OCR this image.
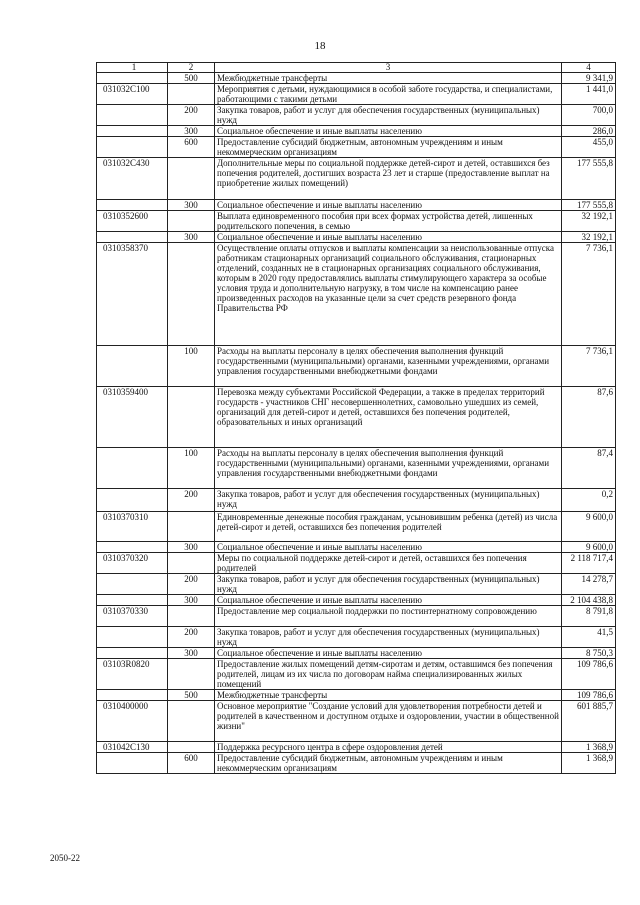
18
1	2	3	4
	500	Межбюджетные трансферты	9 341,9
031032С100		Мероприятия с детьми, нуждающимися в особой заботе государства, и специалистами, работающими с такими детьми	1 441,0
	200	Закупка товаров, работ и услуг для обеспечения государственных (муниципальных) нужд	700,0
	300	Социальное обеспечение и иные выплаты населению	286,0
	600	Предоставление субсидий бюджетным, автономным учреждениям и иным некоммерческим организациям	455,0
031032С430		Дополнительные меры по социальной поддержке детей-сирот и детей, оставшихся без попечения родителей, достигших возраста 23 лет и старше (предоставление выплат на приобретение жилых помещений)	177 555,8
	300	Социальное обеспечение и иные выплаты населению	177 555,8
0310352600		Выплата единовременного пособия при всех формах устройства детей, лишенных родительского попечения, в семью	32 192,1
	300	Социальное обеспечение и иные выплаты населению	32 192,1
0310358370		Осуществление оплаты отпусков и выплаты компенсации за неиспользованные отпуска работникам стационарных организаций социального обслуживания, стационарных отделений, созданных не в стационарных организациях социального обслуживания, которым в 2020 году предоставлялись выплаты стимулирующего характера за особые условия труда и дополнительную нагрузку, в том числе на компенсацию ранее произведенных расходов на указанные цели за счет средств резервного фонда Правительства РФ	7 736,1
	100	Расходы на выплаты персоналу в целях обеспечения выполнения функций государственными (муниципальными) органами, казенными учреждениями, органами управления государственными внебюджетными фондами	7 736,1
0310359400		Перевозка между субъектами Российской Федерации, а также в пределах территорий государств - участников СНГ несовершеннолетних, самовольно ушедших из семей, организаций для детей-сирот и детей, оставшихся без попечения родителей, образовательных и иных организаций	87,6
	100	Расходы на выплаты персоналу в целях обеспечения выполнения функций государственными (муниципальными) органами, казенными учреждениями, органами управления государственными внебюджетными фондами	87,4
	200	Закупка товаров, работ и услуг для обеспечения государственных (муниципальных) нужд	0,2
0310370310		Единовременные денежные пособия гражданам, усыновившим ребенка (детей) из числа детей-сирот и детей, оставшихся без попечения родителей	9 600,0
	300	Социальное обеспечение и иные выплаты населению	9 600,0
0310370320		Меры по социальной поддержке детей-сирот и детей, оставшихся без попечения родителей	2 118 717,4
	200	Закупка товаров, работ и услуг для обеспечения государственных (муниципальных) нужд	14 278,7
	300	Социальное обеспечение и иные выплаты населению	2 104 438,8
0310370330		Предоставление мер социальной поддержки по постинтернатному сопровождению	8 791,8
	200	Закупка товаров, работ и услуг для обеспечения государственных (муниципальных) нужд	41,5
	300	Социальное обеспечение и иные выплаты населению	8 750,3
03103R0820		Предоставление жилых помещений детям-сиротам и детям, оставшимся без попечения родителей, лицам из их числа по договорам найма специализированных жилых помещений	109 786,6
	500	Межбюджетные трансферты	109 786,6
0310400000		Основное мероприятие "Создание условий для удовлетворения потребности детей и родителей в качественном и доступном отдыхе и оздоровлении, участии в общественной жизни"	601 885,7
031042С130		Поддержка ресурсного центра в сфере оздоровления детей	1 368,9
	600	Предоставление субсидий бюджетным, автономным учреждениям и иным некоммерческим организациям	1 368,9
2050-22
